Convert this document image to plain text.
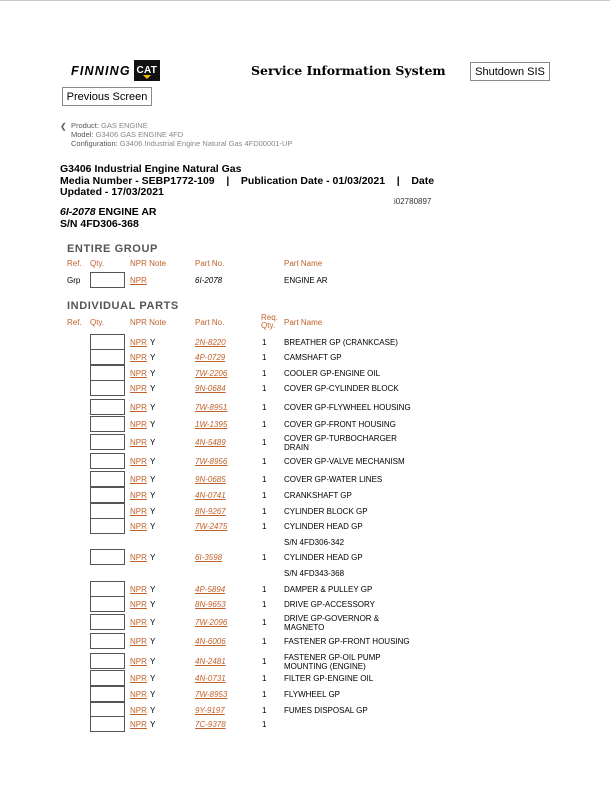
FINNING CAT	Service Information System	Shutdown SIS
Previous Screen
❮ Product: GAS ENGINE
Model: G3406 GAS ENGINE 4FD
Configuration: G3406 Industrial Engine Natural Gas 4FD00001-UP
G3406 Industrial Engine Natural Gas
Media Number - SEBP1772-109    |    Publication Date - 01/03/2021    |    Date
Updated - 17/03/2021
i02780897
6I-2078 ENGINE AR
S/N 4FD306-368
ENTIRE GROUP
Ref. Qty.	NPR Note	Part No.	Part Name
Grp	NPR	6I-2078	ENGINE AR
INDIVIDUAL PARTS
Ref. Qty.	NPR Note	Part No.
Req. Qty.	Part Name
NPR Y	2N-8220	1 BREATHER GP (CRANKCASE)
NPR Y	4P-0729	1 CAMSHAFT GP
NPR Y	7W-2206	1 COOLER GP-ENGINE OIL
NPR Y	9N-0684	1 COVER GP-CYLINDER BLOCK
NPR Y	7W-8951	1 COVER GP-FLYWHEEL HOUSING
NPR Y	1W-1395	1 COVER GP-FRONT HOUSING
NPR Y	4N-5489	1 COVER GP-TURBOCHARGER DRAIN
NPR Y	7W-8956	1 COVER GP-VALVE MECHANISM
NPR Y	9N-0685	1 COVER GP-WATER LINES
NPR Y	4N-0741	1 CRANKSHAFT GP
NPR Y	8N-9267	1 CYLINDER BLOCK GP
NPR Y	7W-2475	1 CYLINDER HEAD GP
S/N 4FD306-342
NPR Y	6I-3598	1 CYLINDER HEAD GP
S/N 4FD343-368
NPR Y	4P-5894	1 DAMPER & PULLEY GP
NPR Y	8N-9653	1 DRIVE GP-ACCESSORY
NPR Y	7W-2096	1 DRIVE GP-GOVERNOR & MAGNETO
NPR Y	4N-6006	1 FASTENER GP-FRONT HOUSING
NPR Y	4N-2481	1 FASTENER GP-OIL PUMP MOUNTING (ENGINE)
NPR Y	4N-0731	1 FILTER GP-ENGINE OIL
NPR Y	7W-8953	1 FLYWHEEL GP
NPR Y	9Y-9197	1 FUMES DISPOSAL GP
NPR Y	7C-9378	1
